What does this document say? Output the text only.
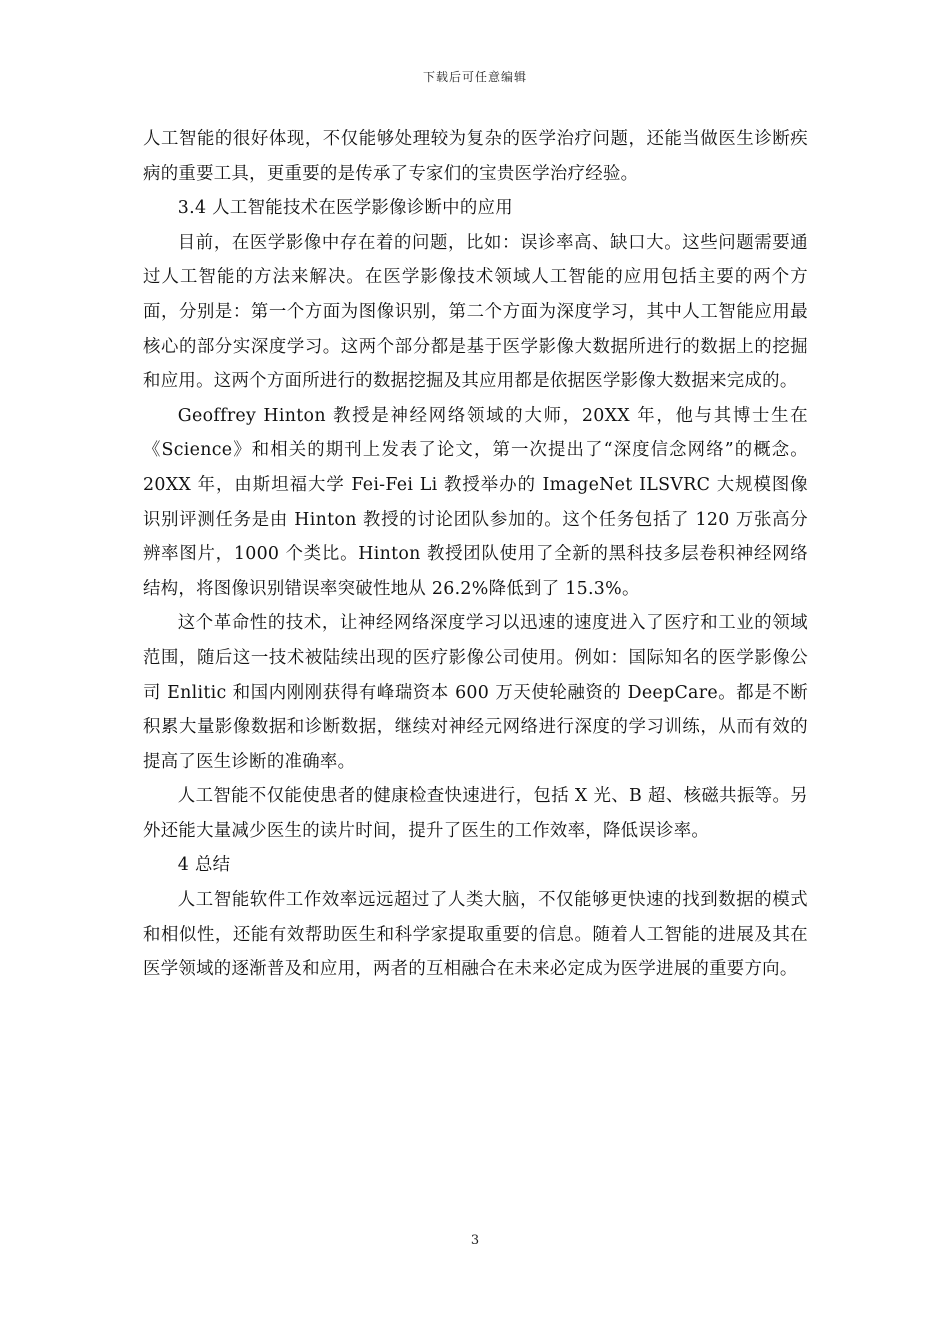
下载后可任意编辑

人工智能的很好体现，不仅能够处理较为复杂的医学治疗问题，还能当做医生诊断疾病的重要工具，更重要的是传承了专家们的宝贵医学治疗经验。

3.4 人工智能技术在医学影像诊断中的应用

目前，在医学影像中存在着的问题，比如：误诊率高、缺口大。这些问题需要通过人工智能的方法来解决。在医学影像技术领域人工智能的应用包括主要的两个方面，分别是：第一个方面为图像识别，第二个方面为深度学习，其中人工智能应用最核心的部分实深度学习。这两个部分都是基于医学影像大数据所进行的数据上的挖掘和应用。这两个方面所进行的数据挖掘及其应用都是依据医学影像大数据来完成的。

Geoffrey Hinton 教授是神经网络领域的大师，20XX 年，他与其博士生在《Science》和相关的期刊上发表了论文，第一次提出了“深度信念网络”的概念。20XX 年，由斯坦福大学 Fei-Fei Li 教授举办的 ImageNet ILSVRC 大规模图像识别评测任务是由 Hinton 教授的讨论团队参加的。这个任务包括了 120 万张高分辨率图片，1000 个类比。Hinton 教授团队使用了全新的黑科技多层卷积神经网络结构，将图像识别错误率突破性地从 26.2%降低到了 15.3%。

这个革命性的技术，让神经网络深度学习以迅速的速度进入了医疗和工业的领域范围，随后这一技术被陆续出现的医疗影像公司使用。例如：国际知名的医学影像公司 Enlitic 和国内刚刚获得有峰瑞资本 600 万天使轮融资的 DeepCare。都是不断积累大量影像数据和诊断数据，继续对神经元网络进行深度的学习训练，从而有效的提高了医生诊断的准确率。

人工智能不仅能使患者的健康检查快速进行，包括 X 光、B 超、核磁共振等。另外还能大量减少医生的读片时间，提升了医生的工作效率，降低误诊率。

4 总结

人工智能软件工作效率远远超过了人类大脑，不仅能够更快速的找到数据的模式和相似性，还能有效帮助医生和科学家提取重要的信息。随着人工智能的进展及其在医学领域的逐渐普及和应用，两者的互相融合在未来必定成为医学进展的重要方向。

3
